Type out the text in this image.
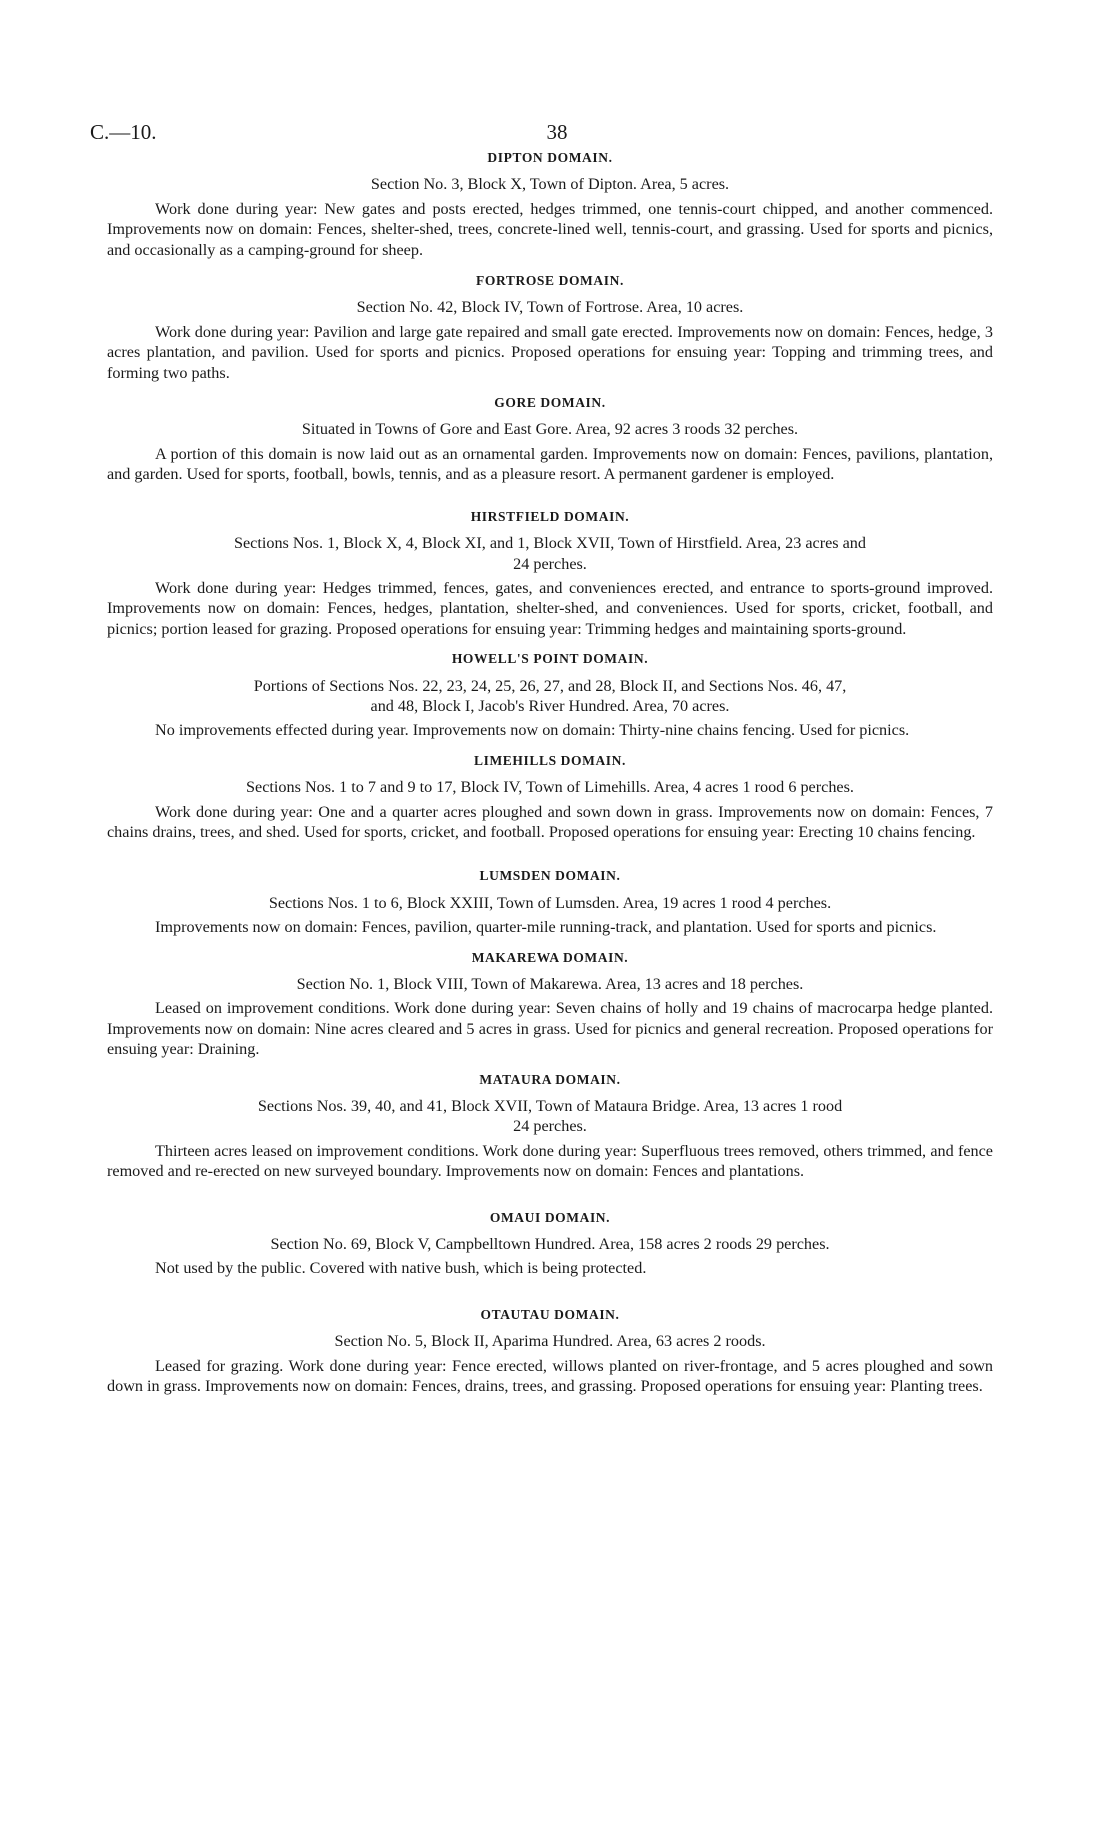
C.—10.	38
DIPTON DOMAIN.

Section No. 3, Block X, Town of Dipton. Area, 5 acres.

Work done during year: New gates and posts erected, hedges trimmed, one tennis-court chipped, and another commenced. Improvements now on domain: Fences, shelter-shed, trees, concrete-lined well, tennis-court, and grassing. Used for sports and picnics, and occasionally as a camping-ground for sheep.

FORTROSE DOMAIN.

Section No. 42, Block IV, Town of Fortrose. Area, 10 acres.

Work done during year: Pavilion and large gate repaired and small gate erected. Improvements now on domain: Fences, hedge, 3 acres plantation, and pavilion. Used for sports and picnics. Proposed operations for ensuing year: Topping and trimming trees, and forming two paths.

GORE DOMAIN.

Situated in Towns of Gore and East Gore. Area, 92 acres 3 roods 32 perches.

A portion of this domain is now laid out as an ornamental garden. Improvements now on domain: Fences, pavilions, plantation, and garden. Used for sports, football, bowls, tennis, and as a pleasure resort. A permanent gardener is employed.

HIRSTFIELD DOMAIN.

Sections Nos. 1, Block X, 4, Block XI, and 1, Block XVII, Town of Hirstfield. Area, 23 acres and
24 perches.

Work done during year: Hedges trimmed, fences, gates, and conveniences erected, and entrance to sports-ground improved. Improvements now on domain: Fences, hedges, plantation, shelter-shed, and conveniences. Used for sports, cricket, football, and picnics; portion leased for grazing. Proposed operations for ensuing year: Trimming hedges and maintaining sports-ground.

HOWELL'S POINT DOMAIN.

Portions of Sections Nos. 22, 23, 24, 25, 26, 27, and 28, Block II, and Sections Nos. 46, 47,
and 48, Block I, Jacob's River Hundred. Area, 70 acres.

No improvements effected during year. Improvements now on domain: Thirty-nine chains fencing. Used for picnics.

LIMEHILLS DOMAIN.

Sections Nos. 1 to 7 and 9 to 17, Block IV, Town of Limehills. Area, 4 acres 1 rood 6 perches.

Work done during year: One and a quarter acres ploughed and sown down in grass. Improvements now on domain: Fences, 7 chains drains, trees, and shed. Used for sports, cricket, and football. Proposed operations for ensuing year: Erecting 10 chains fencing.

LUMSDEN DOMAIN.

Sections Nos. 1 to 6, Block XXIII, Town of Lumsden. Area, 19 acres 1 rood 4 perches.

Improvements now on domain: Fences, pavilion, quarter-mile running-track, and plantation. Used for sports and picnics.

MAKAREWA DOMAIN.

Section No. 1, Block VIII, Town of Makarewa. Area, 13 acres and 18 perches.

Leased on improvement conditions. Work done during year: Seven chains of holly and 19 chains of macrocarpa hedge planted. Improvements now on domain: Nine acres cleared and 5 acres in grass. Used for picnics and general recreation. Proposed operations for ensuing year: Draining.

MATAURA DOMAIN.

Sections Nos. 39, 40, and 41, Block XVII, Town of Mataura Bridge. Area, 13 acres 1 rood
24 perches.

Thirteen acres leased on improvement conditions. Work done during year: Superfluous trees removed, others trimmed, and fence removed and re-erected on new surveyed boundary. Improvements now on domain: Fences and plantations.

OMAUI DOMAIN.

Section No. 69, Block V, Campbelltown Hundred. Area, 158 acres 2 roods 29 perches.

Not used by the public. Covered with native bush, which is being protected.

OTAUTAU DOMAIN.

Section No. 5, Block II, Aparima Hundred. Area, 63 acres 2 roods.

Leased for grazing. Work done during year: Fence erected, willows planted on river-frontage, and 5 acres ploughed and sown down in grass. Improvements now on domain: Fences, drains, trees, and grassing. Proposed operations for ensuing year: Planting trees.
